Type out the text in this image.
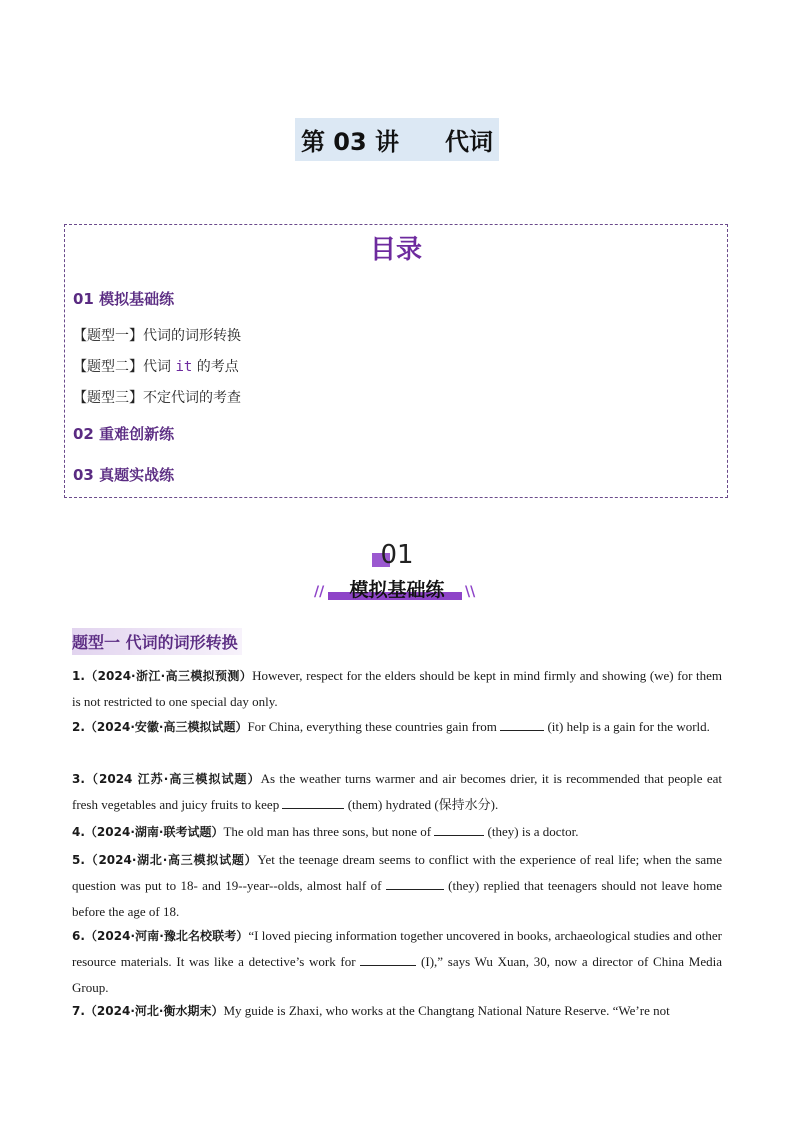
第 03 讲 代词
目录
01 模拟基础练
【题型一】代词的词形转换
【题型二】代词 it 的考点
【题型三】不定代词的考查
02 重难创新练
03 真题实战练
01
模拟基础练
//	\\
题型一 代词的词形转换
1.（2024·浙江·高三模拟预测）However, respect for the elders should be kept in mind firmly and showing (we) for them is not restricted to one special day only.
2.（2024·安徽·高三模拟试题）For China, everything these countries gain from	(it) help is a gain for the world.
3.（2024 江苏·高三模拟试题）As the weather turns warmer and air becomes drier, it is recommended that people eat fresh vegetables and juicy fruits to keep	(them) hydrated (保持水分).
4.（2024·湖南·联考试题）The old man has three sons, but none of	(they) is a doctor.
5.（2024·湖北·高三模拟试题）Yet the teenage dream seems to conflict with the experience of real life; when the same question was put to 18- and 19--year--olds, almost half of	(they) replied that teenagers should not leave home before the age of 18.
6.（2024·河南·豫北名校联考）“I loved piecing information together uncovered in books, archaeological studies and other resource materials. It was like a detective’s work for	(I),” says Wu Xuan, 30, now a director of China Media Group.
7.（2024·河北·衡水期末）My guide is Zhaxi, who works at the Changtang National Nature Reserve. “We’re not
